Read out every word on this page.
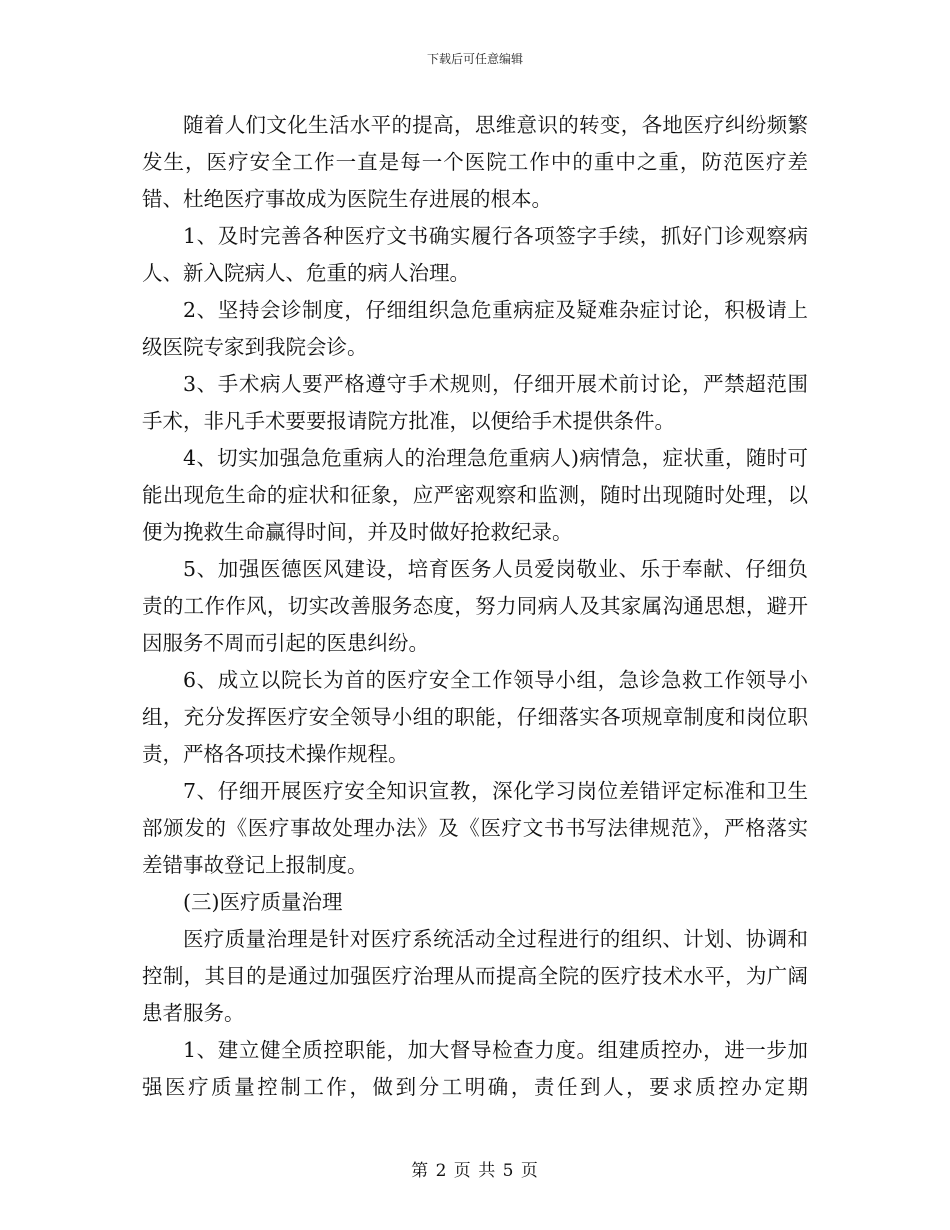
下载后可任意编辑

随着人们文化生活水平的提高，思维意识的转变，各地医疗纠纷频繁发生，医疗安全工作一直是每一个医院工作中的重中之重，防范医疗差错、杜绝医疗事故成为医院生存进展的根本。

1、及时完善各种医疗文书确实履行各项签字手续，抓好门诊观察病人、新入院病人、危重的病人治理。

2、坚持会诊制度，仔细组织急危重病症及疑难杂症讨论，积极请上级医院专家到我院会诊。

3、手术病人要严格遵守手术规则，仔细开展术前讨论，严禁超范围手术，非凡手术要要报请院方批准，以便给手术提供条件。

4、切实加强急危重病人的治理急危重病人)病情急，症状重，随时可能出现危生命的症状和征象，应严密观察和监测，随时出现随时处理，以便为挽救生命赢得时间，并及时做好抢救纪录。

5、加强医德医风建设，培育医务人员爱岗敬业、乐于奉献、仔细负责的工作作风，切实改善服务态度，努力同病人及其家属沟通思想，避开因服务不周而引起的医患纠纷。

6、成立以院长为首的医疗安全工作领导小组，急诊急救工作领导小组，充分发挥医疗安全领导小组的职能，仔细落实各项规章制度和岗位职责，严格各项技术操作规程。

7、仔细开展医疗安全知识宣教，深化学习岗位差错评定标准和卫生部颁发的《医疗事故处理办法》及《医疗文书书写法律规范》，严格落实差错事故登记上报制度。

(三)医疗质量治理

医疗质量治理是针对医疗系统活动全过程进行的组织、计划、协调和控制，其目的是通过加强医疗治理从而提高全院的医疗技术水平，为广阔患者服务。

1、建立健全质控职能，加大督导检查力度。组建质控办，进一步加强医疗质量控制工作，做到分工明确，责任到人，要求质控办定期

第 2 页 共 5 页
